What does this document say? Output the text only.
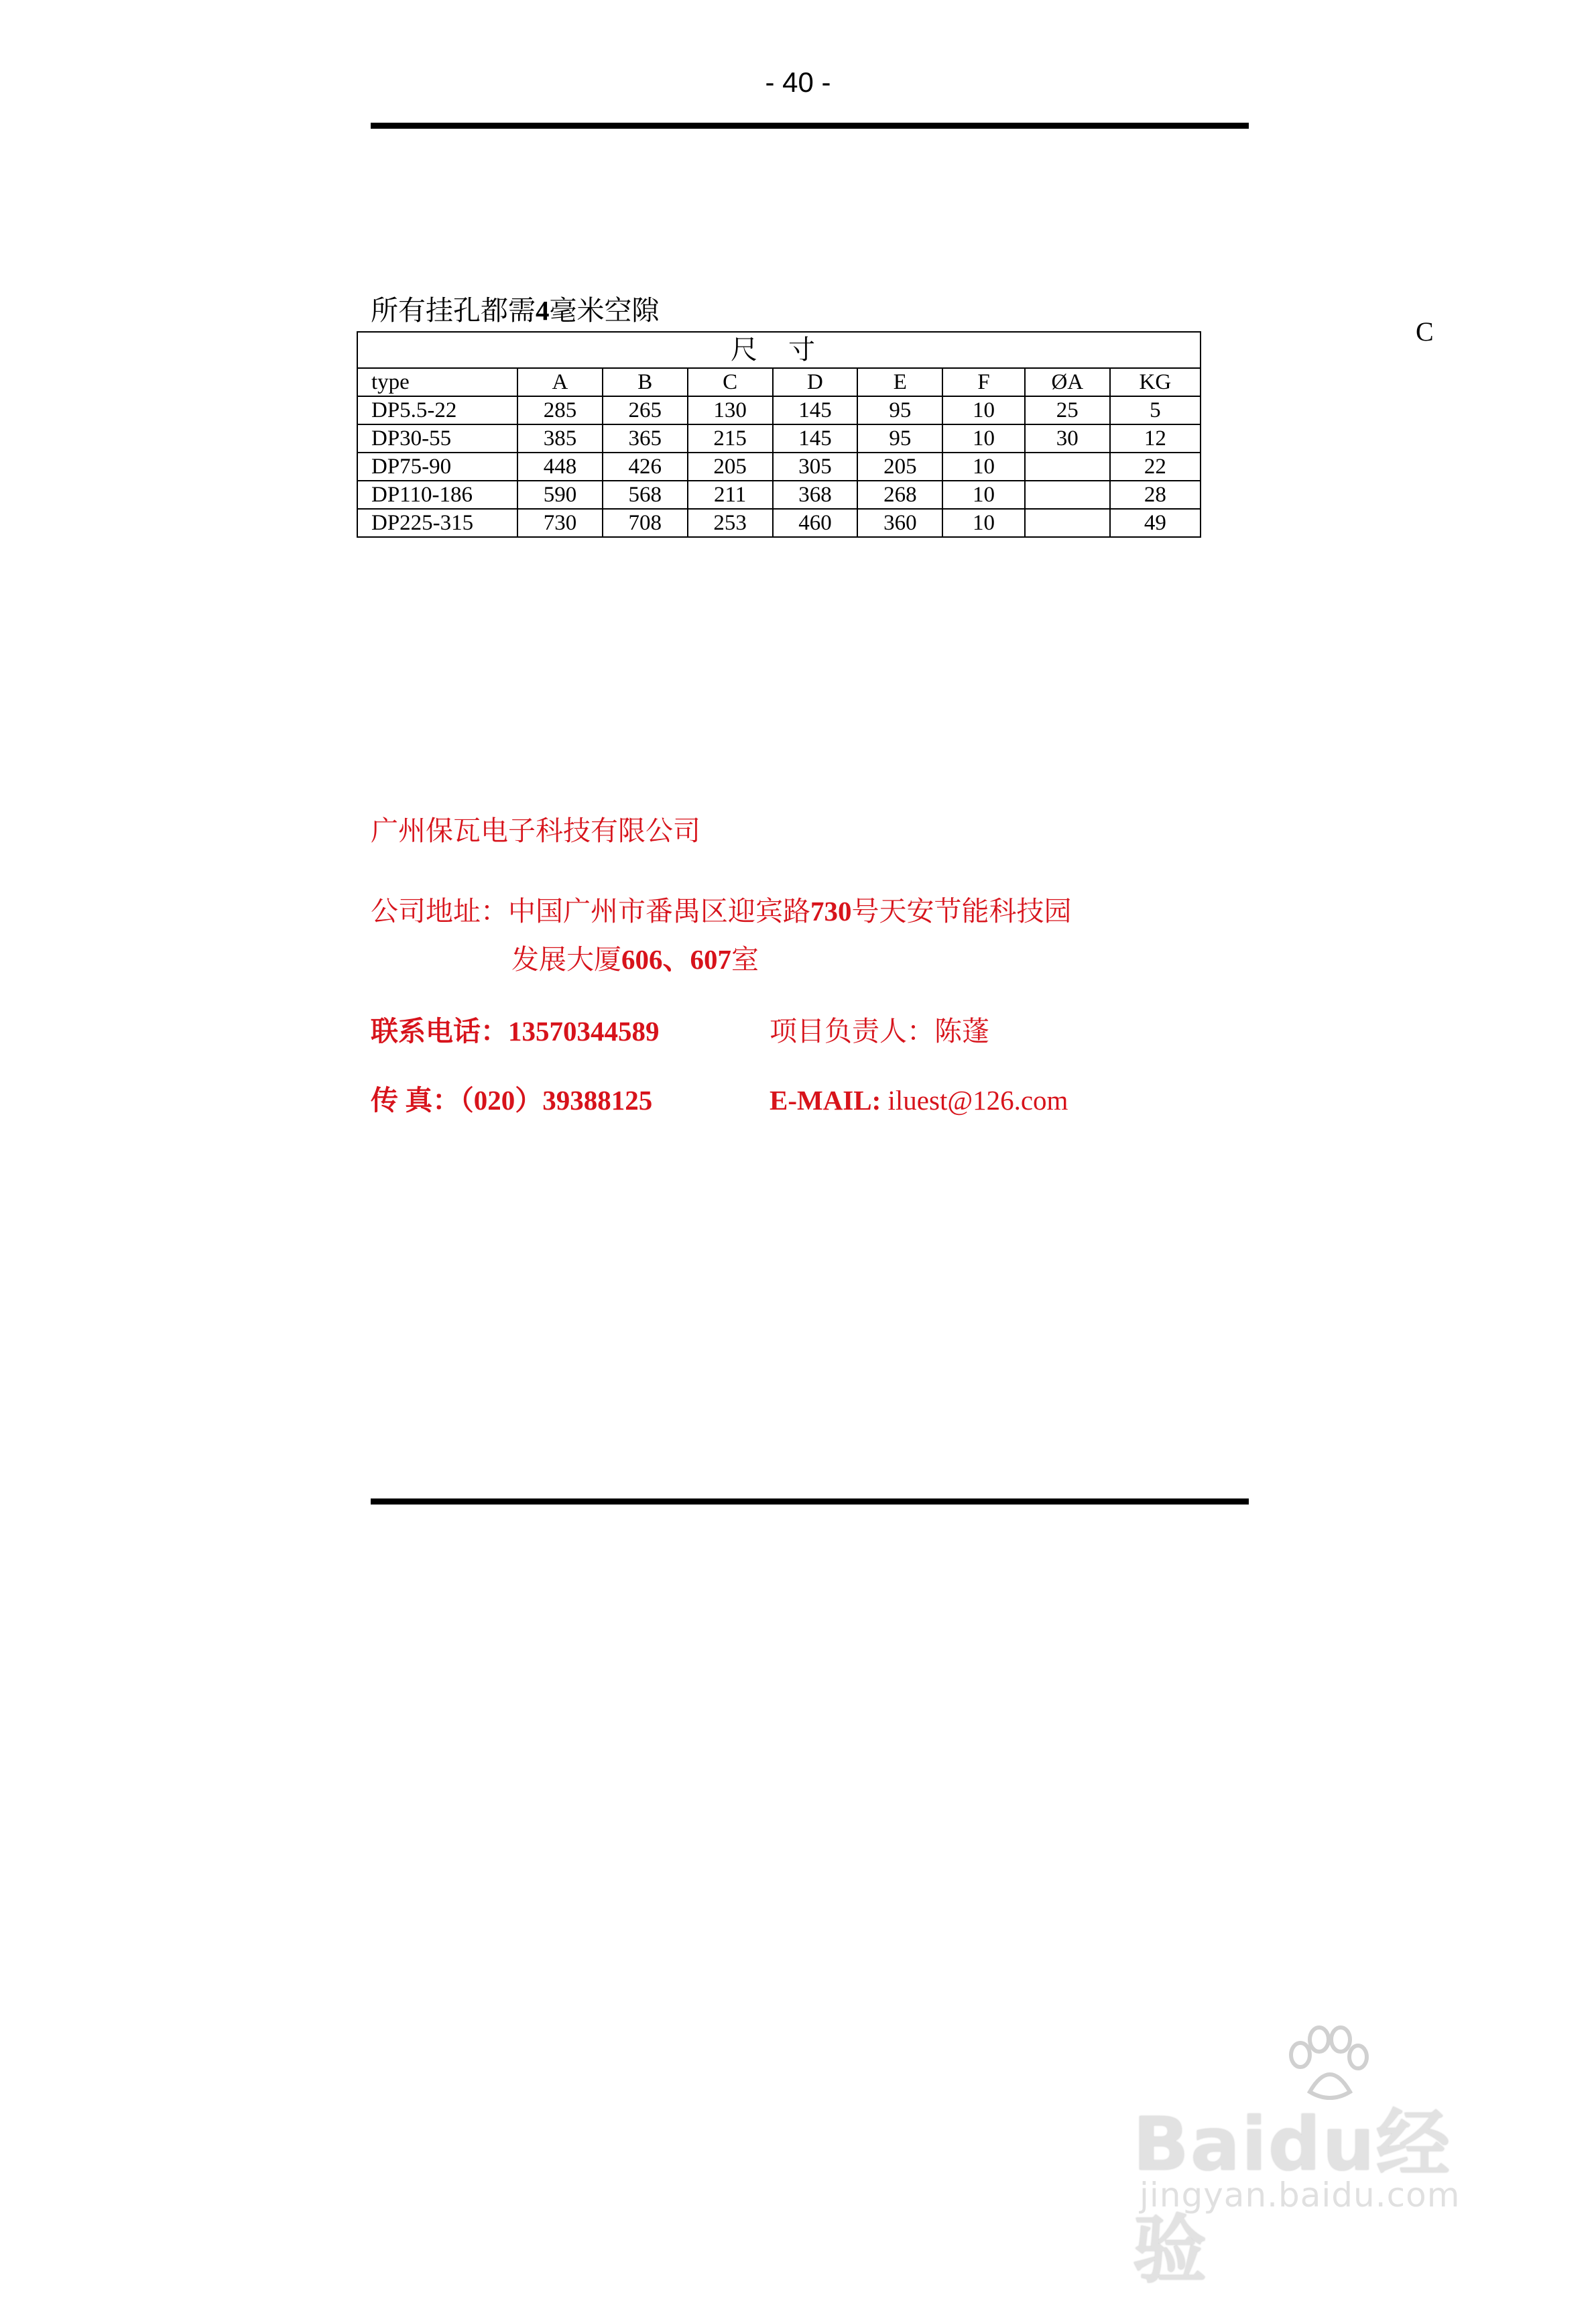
- 40 -
所有挂孔都需4毫米空隙
C
尺 寸								
type	A	B	C	D	E	F	ØA	KG
DP5.5-22	285	265	130	145	95	10	25	5
DP30-55	385	365	215	145	95	10	30	12
DP75-90	448	426	205	305	205	10		22
DP110-186	590	568	211	368	268	10		28
DP225-315	730	708	253	460	360	10		49
广州保瓦电子科技有限公司
公司地址：中国广州市番禺区迎宾路730号天安节能科技园
发展大厦606、607室
联系电话：13570344589	项目负责人：陈蓬
传 真：（020）39388125	E-MAIL: iluest@126.com
Baidu经验
jingyan.baidu.com
